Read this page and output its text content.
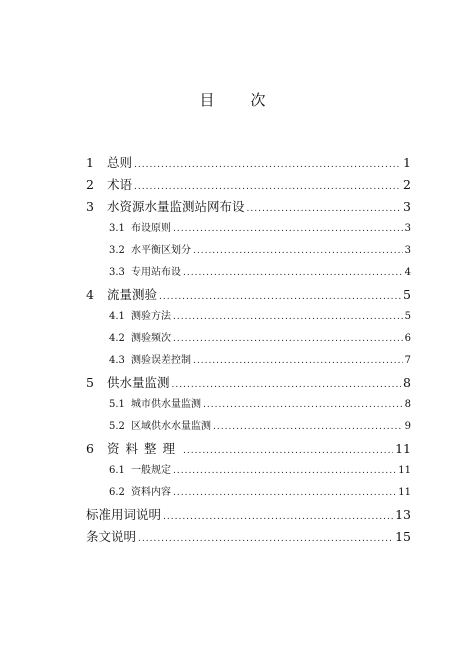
目　　次
1	总则 .....	1
2	术语 .....	2
3	水资源水量监测站网布设 .....	3
3.1 布设原则 .....	3
3.2 水平衡区划分 .....	3
3.3 专用站布设 .....	4
4	流量测验 .....	5
4.1 测验方法 .....	5
4.2 测验频次 .....	6
4.3 测验误差控制 .....	7
5	供水量监测 .....	8
5.1 城市供水量监测 .....	8
5.2 区域供水水量监测 .....	9
6	资料整理 .....	11
6.1 一般规定 .....	11
6.2 资料内容 .....	11
标准用词说明 .....	13
条文说明 .....	15
